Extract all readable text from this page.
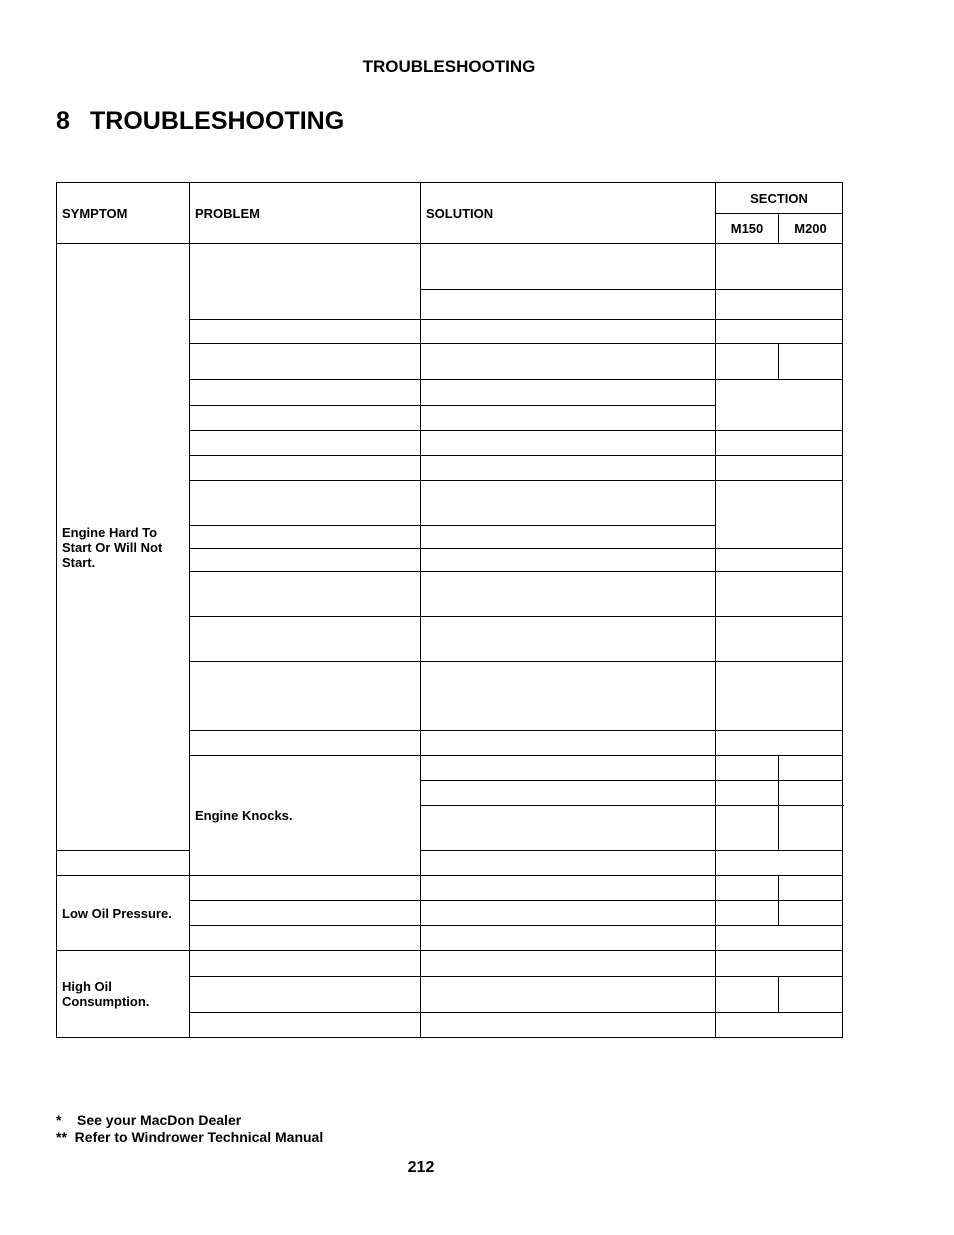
TROUBLESHOOTING
8 TROUBLESHOOTING
SYMPTOM	PROBLEM	SOLUTION	SECTION		
			M150	M200	
Engine Hard To Start Or Will Not Start.					

	Engine Knocks.				

Low Oil Pressure.					

High Oil Consumption.					

*    See your MacDon Dealer
**  Refer to Windrower Technical Manual
212
